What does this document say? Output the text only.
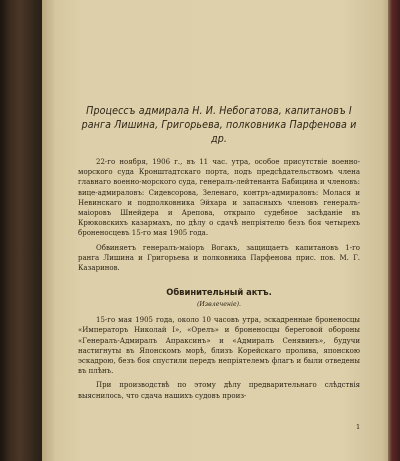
Процессъ адмирала Н. И. Небогатова, капитановъ I ранга Лишина, Григорьева, полковника Парфенова и др.

22-го ноября, 1906 г., въ 11 час. утра, особое присутствіе военно-морского суда Кронштадтскаго порта, подъ предсѣдательствомъ члена главнаго военно-морского суда, генералъ-лейтенанта Бабицина и членовъ: вице-адмираловъ: Сидевсорова, Зеленаго, контръ-адмираловъ: Молася и Невинскаго и подполковника Эйхара и запасныхъ членовъ генералъ-маіоровъ Шнейдера и Арепова, открыло судебное засѣданіе въ Крюковскихъ казармахъ, по дѣлу о сдачѣ непріятелю безъ боя четырехъ броненосцевъ 15-го мая 1905 года.

Обвиняетъ генералъ-маіоръ Вогакъ, защищаетъ капитановъ 1-го ранга Лишина и Григорьева и полковника Парфенова прис. пов. М. Г. Казаринов.

Обвинительный актъ.

(Извлеченіе).

15-го мая 1905 года, около 10 часовъ утра, эскадренные броненосцы «Императоръ Николай I», «Орелъ» и броненосцы береговой обороны «Генералъ-Адмиралъ Апраксинъ» и «Адмиралъ Сенявинъ», будучи настигнуты въ Японскомъ морѣ, близъ Корейскаго пролива, японскою эскадрою, безъ боя спустили передъ непріятелемъ флагъ и были отведены въ плѣнъ.

При производствѣ по этому дѣлу предварительнаго слѣдствія выяснилось, что сдача нашихъ судовъ произ-

1
